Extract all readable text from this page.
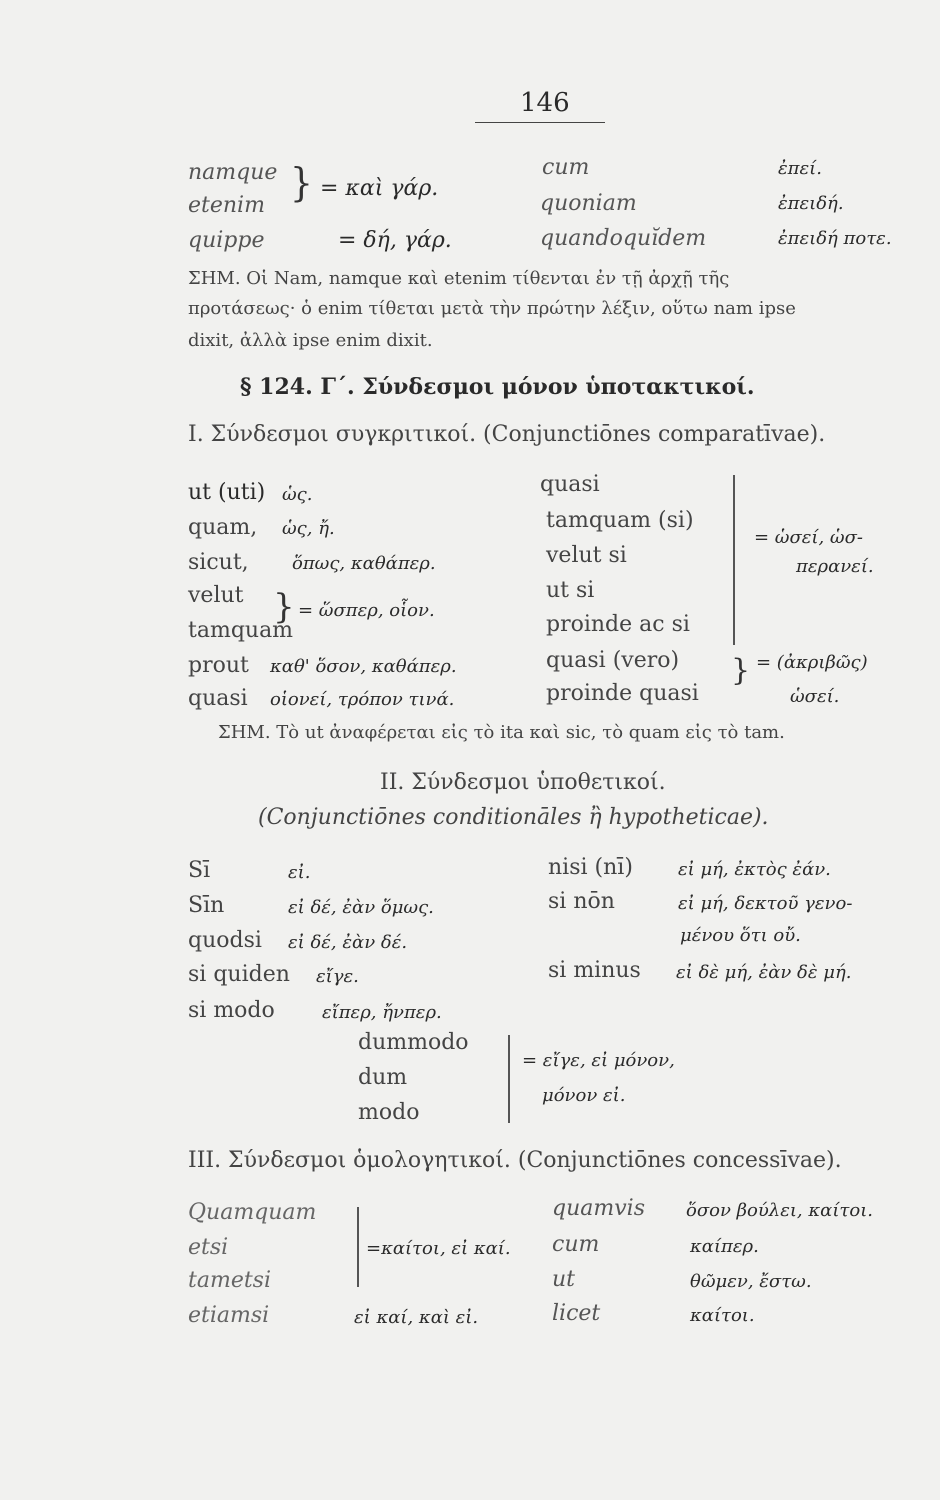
146
namque
etenim } = καὶ γάρ.
quippe	= δή, γάρ.
cum	ἐπεί.
quoniam	ἐπειδή.
quandoquĭdem	ἐπειδή ποτε.
ΣΗΜ. Οἱ Nam, namque καὶ etenim τίθενται ἐν τῇ ἀρχῇ τῆς
προτάσεως· ὁ enim τίθεται μετὰ τὴν πρώτην λέξιν, οὕτω nam ipse
dixit, ἀλλὰ ipse enim dixit.
§ 124. Γ΄. Σύνδεσμοι μόνον ὑποτακτικοί.
I. Σύνδεσμοι συγκριτικοί. (Conjunctiōnes comparatīvae).
ut (uti) ὡς.
quam, ὡς, ἤ.
sicut, ὅπως, καθάπερ.
velut
tamquam
} = ὥσπερ, οἷον.
prout καθ' ὅσον, καθάπερ.
quasi οἱονεί, τρόπον τινά.
quasi
tamquam (si)
velut si
ut si
proinde ac si
= ὡσεί, ὡσ-
περανεί.
quasi (vero)
proinde quasi
} = (ἀκριβῶς)
ὡσεί.
ΣΗΜ. Τὸ ut ἀναφέρεται εἰς τὸ ita καὶ sic, τὸ quam εἰς τὸ tam.
II. Σύνδεσμοι ὑποθετικοί.
(Conjunctiōnes conditionāles ἢ hypotheticae).
Sī	εἰ.
Sīn	εἰ δέ, ἐὰν ὅμως.
quodsi εἰ δέ, ἐὰν δέ.
si quiden εἴγε.
si modo	εἴπερ, ἤνπερ.
nisi (nī)	εἰ μή, ἐκτὸς ἐάν.
si nōn	εἰ μή, δεκτοῦ γενο-
μένου ὅτι οὔ.
si minus εἰ δὲ μή, ἐὰν δὲ μή.
dummodo
dum
modo
= εἴγε, εἰ μόνον,
μόνον εἰ.
III. Σύνδεσμοι ὁμολογητικοί. (Conjunctiōnes concessīvae).
Quamquam
etsi
tametsi
=καίτοι, εἰ καί.
etiamsi	εἰ καί, καὶ εἰ.
quamvis ὅσον βούλει, καίτοι.
cum	καίπερ.
ut	θῶμεν, ἔστω.
licet	καίτοι.
